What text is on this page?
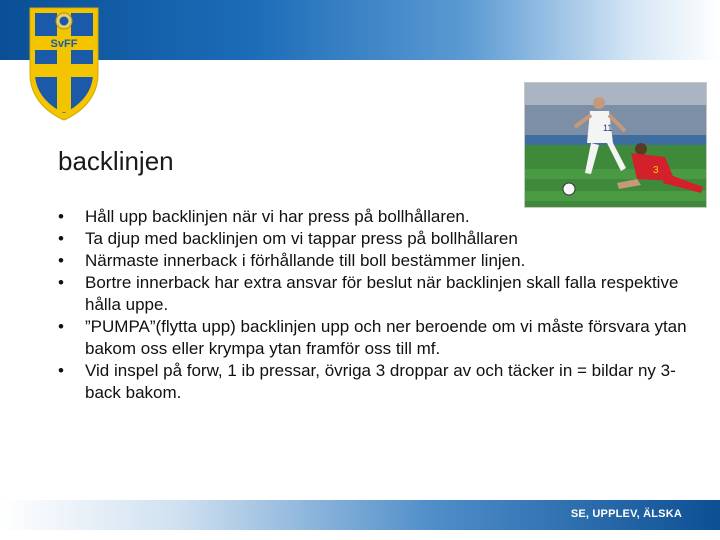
SvFF
backlinjen
11
3
• Håll upp backlinjen när vi har press på bollhållaren.
• Ta djup med backlinjen om vi tappar press på bollhållaren
• Närmaste innerback i förhållande till boll bestämmer linjen.
• Bortre innerback har extra ansvar för beslut när backlinjen skall falla respektive hålla uppe.
• ”PUMPA”(flytta upp) backlinjen upp och ner beroende om vi måste försvara ytan bakom oss eller krympa ytan framför oss till mf.
• Vid inspel på forw, 1 ib pressar, övriga 3 droppar av och täcker in = bildar ny 3-back bakom.
SE, UPPLEV, ÄLSKA
